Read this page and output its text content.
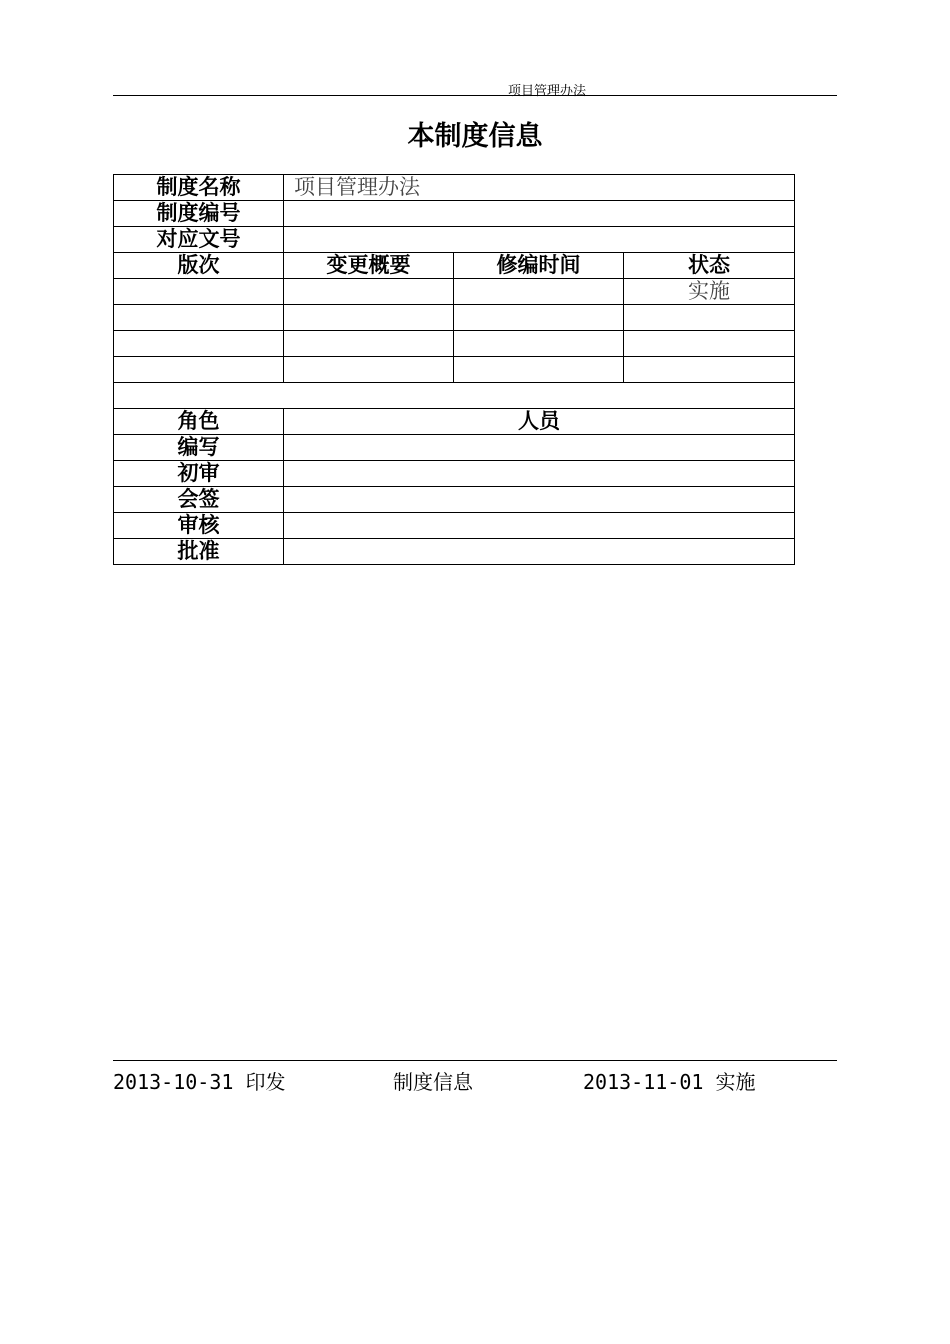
项目管理办法
本制度信息
制度名称	项目管理办法		
制度编号			
对应文号			
版次	变更概要	修编时间	状态
			实施

角色	人员		
编写			
初审			
会签			
审核			
批准			
2013-10-31 印发	制度信息	2013-11-01 实施
